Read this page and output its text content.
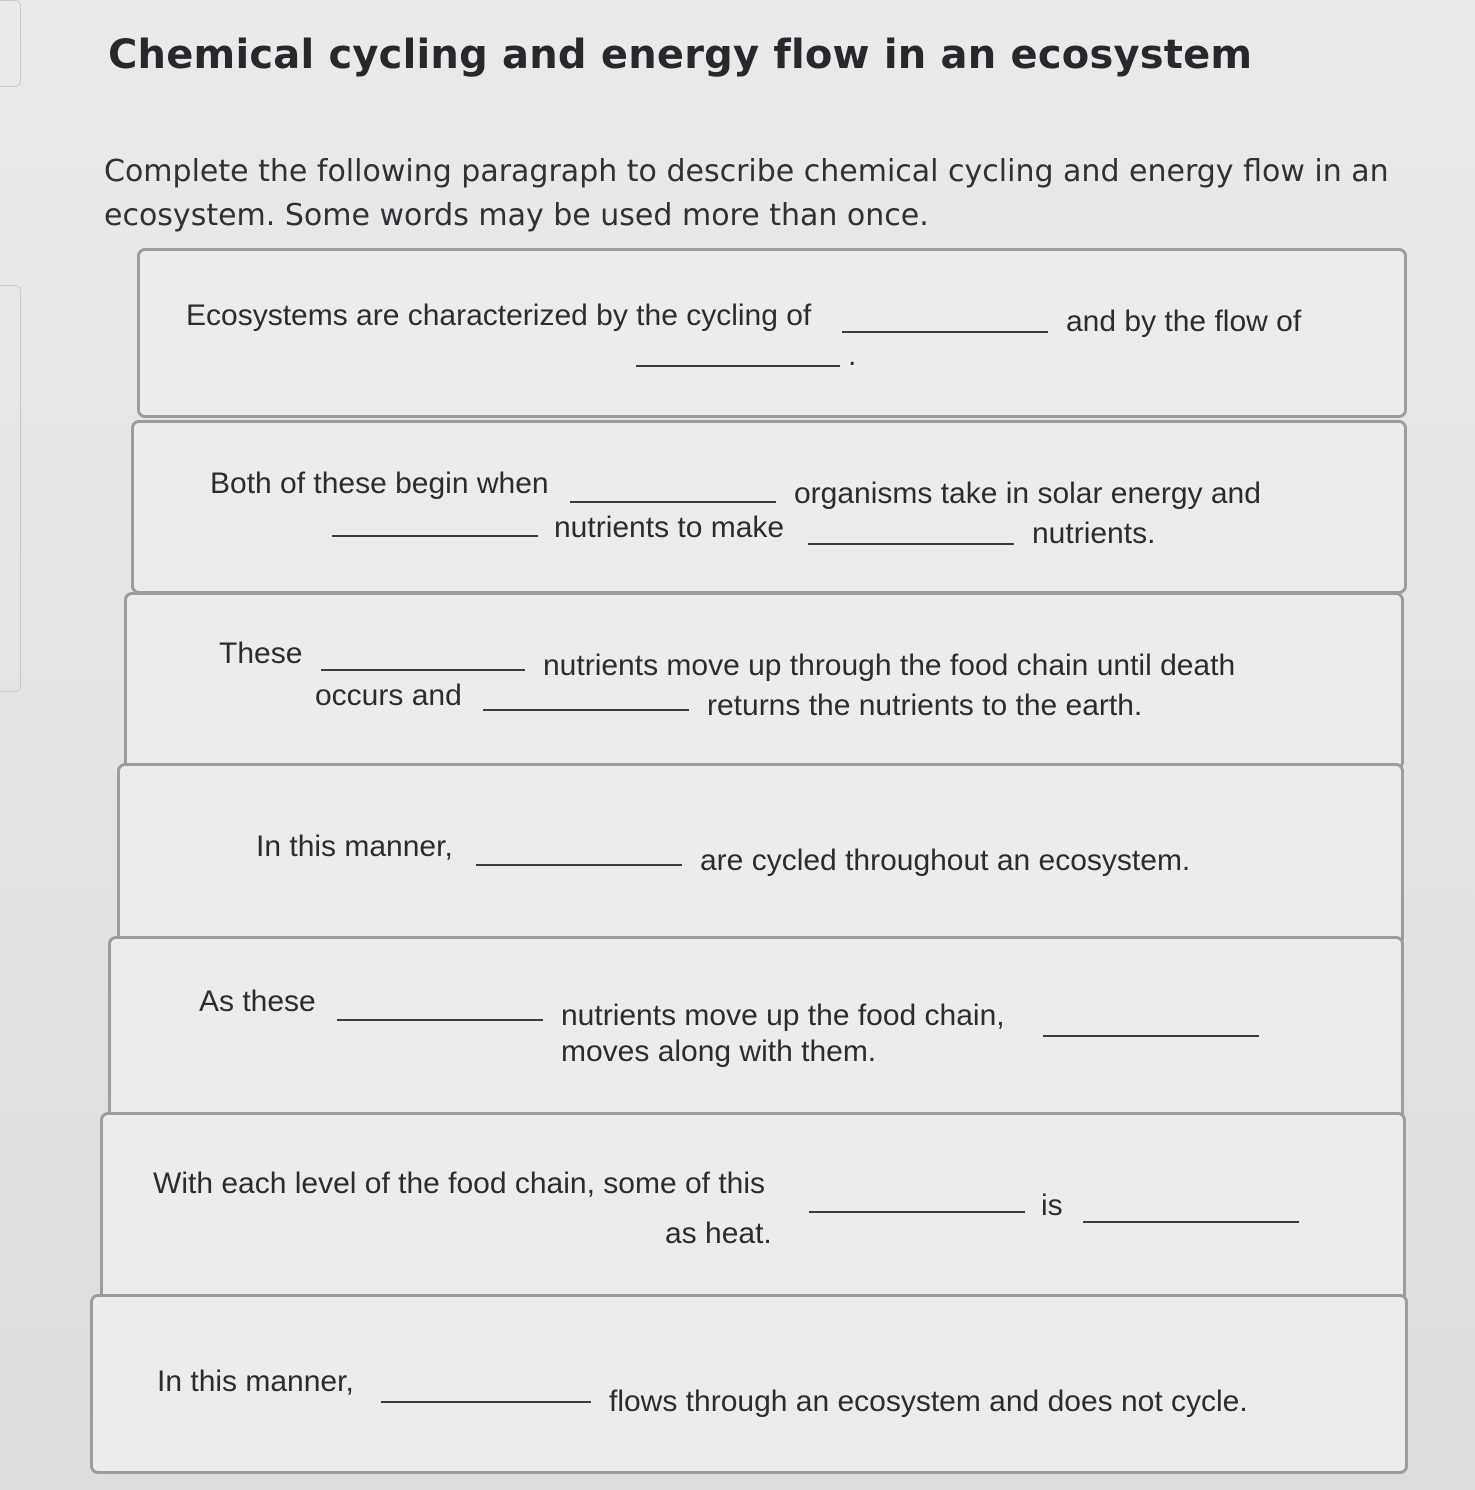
Chemical cycling and energy flow in an ecosystem
Complete the following paragraph to describe chemical cycling and energy flow in an ecosystem. Some words may be used more than once.
Ecosystems are characterized by the cycling of	and by the flow of
.
Both of these begin when	organisms take in solar energy and
nutrients to make	nutrients.
These	nutrients move up through the food chain until death
occurs and	returns the nutrients to the earth.
In this manner,	are cycled throughout an ecosystem.
As these	nutrients move up the food chain,
moves along with them.
With each level of the food chain, some of this
is
as heat.
In this manner,
flows through an ecosystem and does not cycle.
